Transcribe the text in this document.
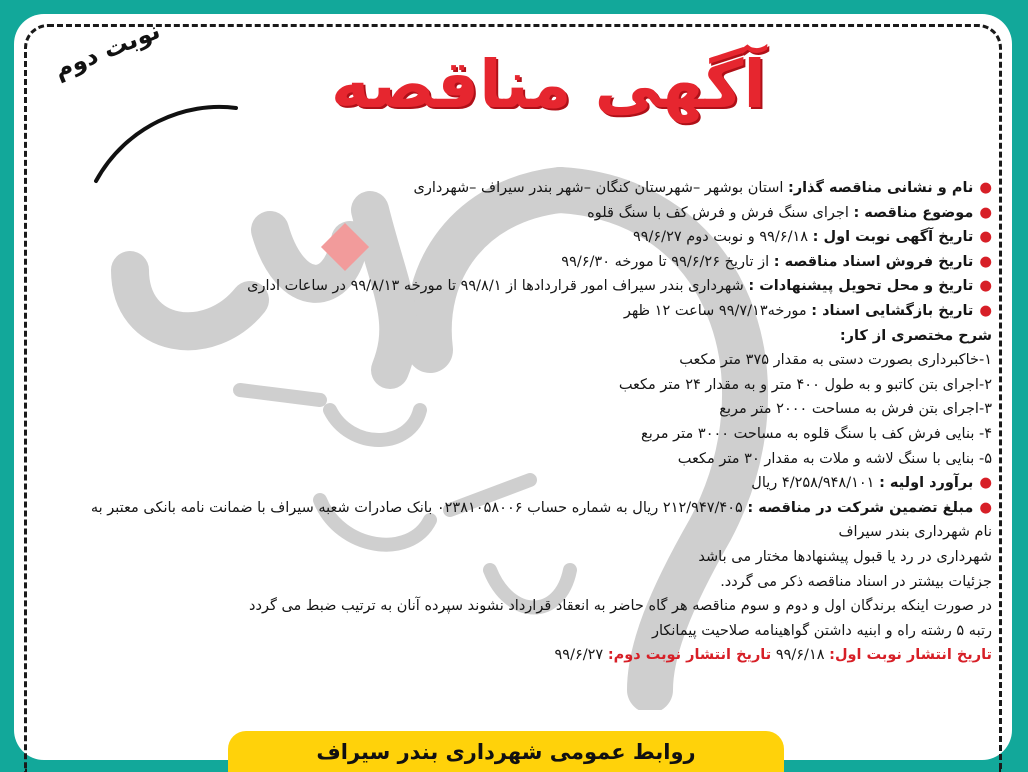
آگهی مناقصه
نوبت دوم
●نام و نشانی مناقصه گذار: استان بوشهر –شهرستان کنگان –شهر بندر سیراف –شهرداری
●موضوع مناقصه : اجرای سنگ فرش و فرش کف با سنگ قلوه
●تاریخ آگهی نوبت اول : ۹۹/۶/۱۸ و نوبت دوم ۹۹/۶/۲۷
●تاریخ فروش اسناد مناقصه : از تاریخ ۹۹/۶/۲۶ تا مورخه ۹۹/۶/۳۰
●تاریخ و محل تحویل پیشنهادات : شهرداری بندر سیراف امور قراردادها از ۹۹/۸/۱ تا مورخه ۹۹/۸/۱۳ در ساعات اداری
●تاریخ بازگشایی اسناد : مورخه۹۹/۷/۱۳ ساعت ۱۲ ظهر
شرح مختصری از کار:
۱-خاکبرداری بصورت دستی به مقدار ۳۷۵ متر مکعب
۲-اجرای بتن کاتبو و به طول ۴۰۰ متر و به مقدار ۲۴ متر مکعب
۳-اجرای بتن فرش به مساحت ۲۰۰۰ متر مربع
۴- بنایی فرش کف با سنگ قلوه به مساحت ۳۰۰۰ متر مربع
۵- بنایی با سنگ لاشه و ملات به مقدار ۳۰ متر مکعب
●برآورد اولیه : ۴/۲۵۸/۹۴۸/۱۰۱ ریال
●مبلغ تضمین شرکت در مناقصه : ۲۱۲/۹۴۷/۴۰۵ ریال به شماره حساب ۰۲۳۸۱۰۵۸۰۰۶ بانک صادرات شعبه سیراف با ضمانت نامه بانکی معتبر به
نام شهرداری بندر سیراف
شهرداری در رد یا قبول پیشنهادها مختار می باشد
جزئیات بیشتر در اسناد مناقصه ذکر می گردد.
در صورت اینکه برندگان اول و دوم و سوم مناقصه هر گاه حاضر به انعقاد قرارداد نشوند سپرده آنان به ترتیب ضبط می گردد
رتبه ۵ رشته راه و ابنیه داشتن گواهینامه صلاحیت پیمانکار
تاریخ انتشار نوبت اول: ۹۹/۶/۱۸ تاریخ انتشار نوبت دوم: ۹۹/۶/۲۷
روابط عمومی شهرداری بندر سیراف
